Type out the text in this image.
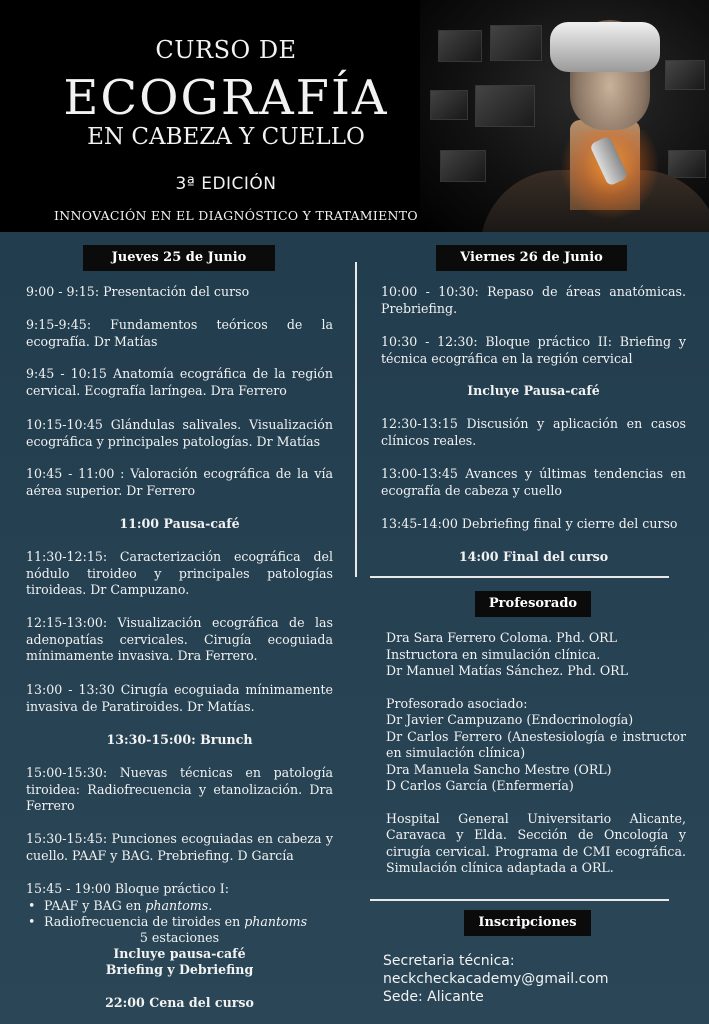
CURSO DE
ECOGRAFÍA
EN CABEZA Y CUELLO
3ª EDICIÓN
INNOVACIÓN EN EL DIAGNÓSTICO Y TRATAMIENTO
Jueves 25 de Junio
9:00 - 9:15: Presentación del curso
9:15-9:45: Fundamentos teóricos de la ecografía. Dr Matías
9:45 - 10:15 Anatomía ecográfica de la región cervical. Ecografía laríngea. Dra Ferrero
10:15-10:45 Glándulas salivales. Visualización ecográfica y principales patologías. Dr Matías
10:45 - 11:00 : Valoración ecográfica de la vía aérea superior. Dr Ferrero
11:00 Pausa-café
11:30-12:15: Caracterización ecográfica del nódulo tiroideo y principales patologías tiroideas. Dr Campuzano.
12:15-13:00: Visualización ecográfica de las adenopatías cervicales. Cirugía ecoguiada mínimamente invasiva. Dra Ferrero.
13:00 - 13:30 Cirugía ecoguiada mínimamente invasiva de Paratiroides. Dr Matías.
13:30-15:00: Brunch
15:00-15:30: Nuevas técnicas en patología tiroidea: Radiofrecuencia y etanolización. Dra Ferrero
15:30-15:45: Punciones ecoguiadas en cabeza y cuello. PAAF y BAG. Prebriefing. D García
15:45 - 19:00 Bloque práctico I:
• PAAF y BAG en phantoms.
• Radiofrecuencia de tiroides en phantoms
5 estaciones
Incluye pausa-café
Briefing y Debriefing
22:00 Cena del curso
Viernes 26 de Junio
10:00 - 10:30: Repaso de áreas anatómicas. Prebriefing.
10:30 - 12:30: Bloque práctico II: Briefing y técnica ecográfica en la región cervical
Incluye Pausa-café
12:30-13:15 Discusión y aplicación en casos clínicos reales.
13:00-13:45 Avances y últimas tendencias en ecografía de cabeza y cuello
13:45-14:00 Debriefing final y cierre del curso
14:00 Final del curso
Profesorado
Dra Sara Ferrero Coloma. Phd. ORL
Instructora en simulación clínica.
Dr Manuel Matías Sánchez. Phd. ORL
Profesorado asociado:
Dr Javier Campuzano (Endocrinología)
Dr Carlos Ferrero (Anestesiología e instructor en simulación clínica)
Dra Manuela Sancho Mestre (ORL)
D Carlos García (Enfermería)
Hospital General Universitario Alicante, Caravaca y Elda. Sección de Oncología y cirugía cervical. Programa de CMI ecográfica. Simulación clínica adaptada a ORL.
Inscripciones
Secretaria técnica:
neckcheckacademy@gmail.com
Sede: Alicante
